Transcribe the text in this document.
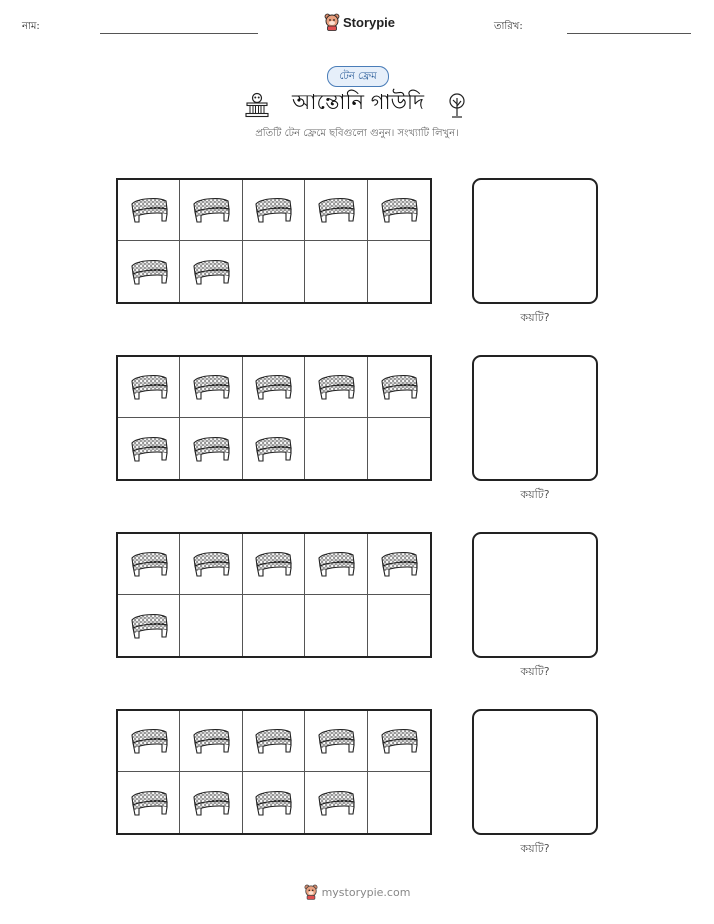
নাম:	Storypie	তারিখ:
টেন ফ্রেম
আন্তোনি গাউদি
প্রতিটি টেন ফ্রেমে ছবিগুলো গুনুন। সংখ্যাটি লিখুন।
কয়টি?
কয়টি?
কয়টি?
কয়টি?
mystorypie.com
